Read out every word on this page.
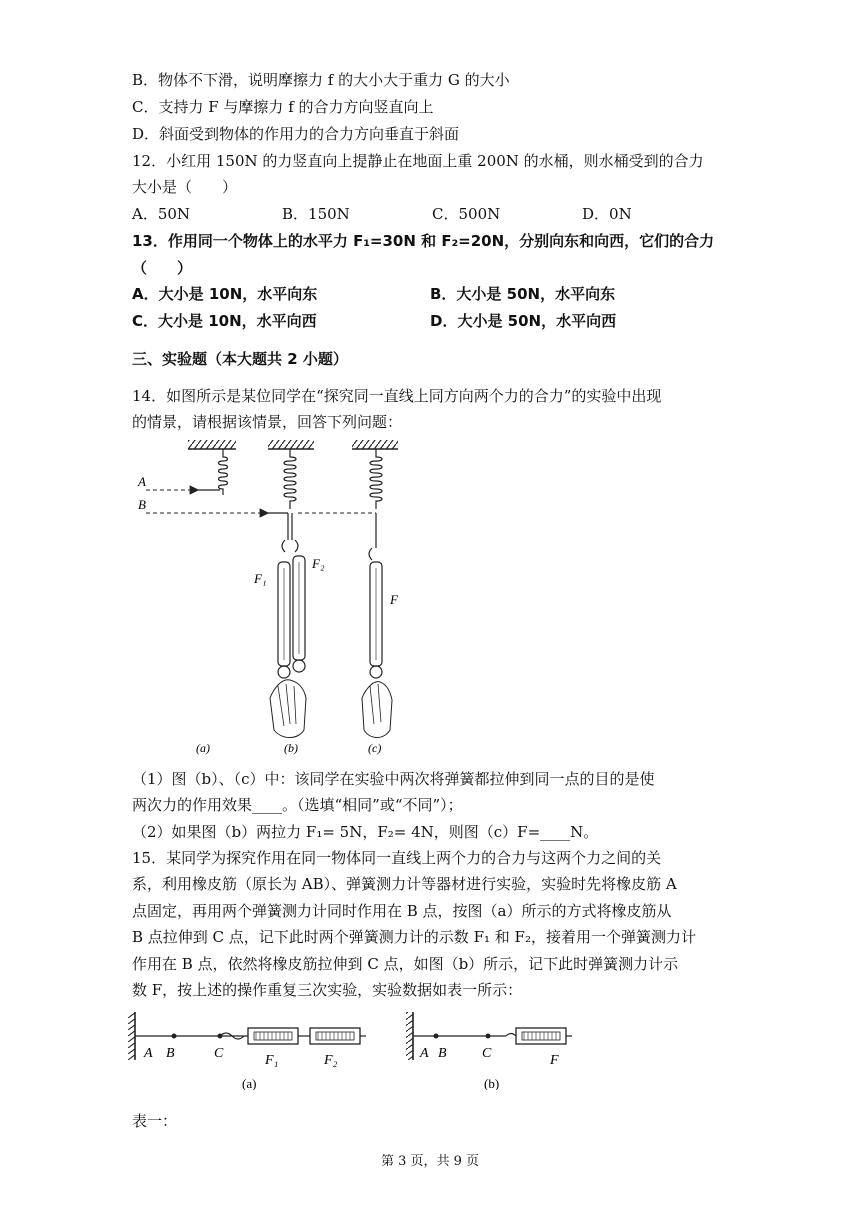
B．物体不下滑，说明摩擦力 f 的大小大于重力 G 的大小
C．支持力 F 与摩擦力 f 的合力方向竖直向上
D．斜面受到物体的作用力的合力方向垂直于斜面
12．小红用 150N 的力竖直向上提静止在地面上重 200N 的水桶，则水桶受到的合力
大小是（　　）
A．50N	B．150N	C．500N	D．0N
13．作用同一个物体上的水平力 F₁=30N 和 F₂=20N，分别向东和向西，它们的合力
（　　）
A．大小是 10N，水平向东	B．大小是 50N，水平向东
C．大小是 10N，水平向西	D．大小是 50N，水平向西
三、实验题（本大题共 2 小题）
14．如图所示是某位同学在“探究同一直线上同方向两个力的合力”的实验中出现
的情景，请根据该情景，回答下列问题：
A
B
F₁
F₂
F
(a)	(b)	(c)
（1）图（b）、（c）中：该同学在实验中两次将弹簧都拉伸到同一点的目的是使
两次力的作用效果____。（选填“相同”或“不同”）；
（2）如果图（b）两拉力 F₁= 5N，F₂= 4N，则图（c）F=____N。
15．某同学为探究作用在同一物体同一直线上两个力的合力与这两个力之间的关
系，利用橡皮筋（原长为 AB）、弹簧测力计等器材进行实验，实验时先将橡皮筋 A
点固定，再用两个弹簧测力计同时作用在 B 点，按图（a）所示的方式将橡皮筋从
B 点拉伸到 C 点，记下此时两个弹簧测力计的示数 F₁ 和 F₂，接着用一个弹簧测力计
作用在 B 点，依然将橡皮筋拉伸到 C 点，如图（b）所示，记下此时弹簧测力计示
数 F，按上述的操作重复三次实验，实验数据如表一所示：
A B	C	F₁	F₂
(a)
A B	C	F
(b)
表一：
第 3 页，共 9 页
